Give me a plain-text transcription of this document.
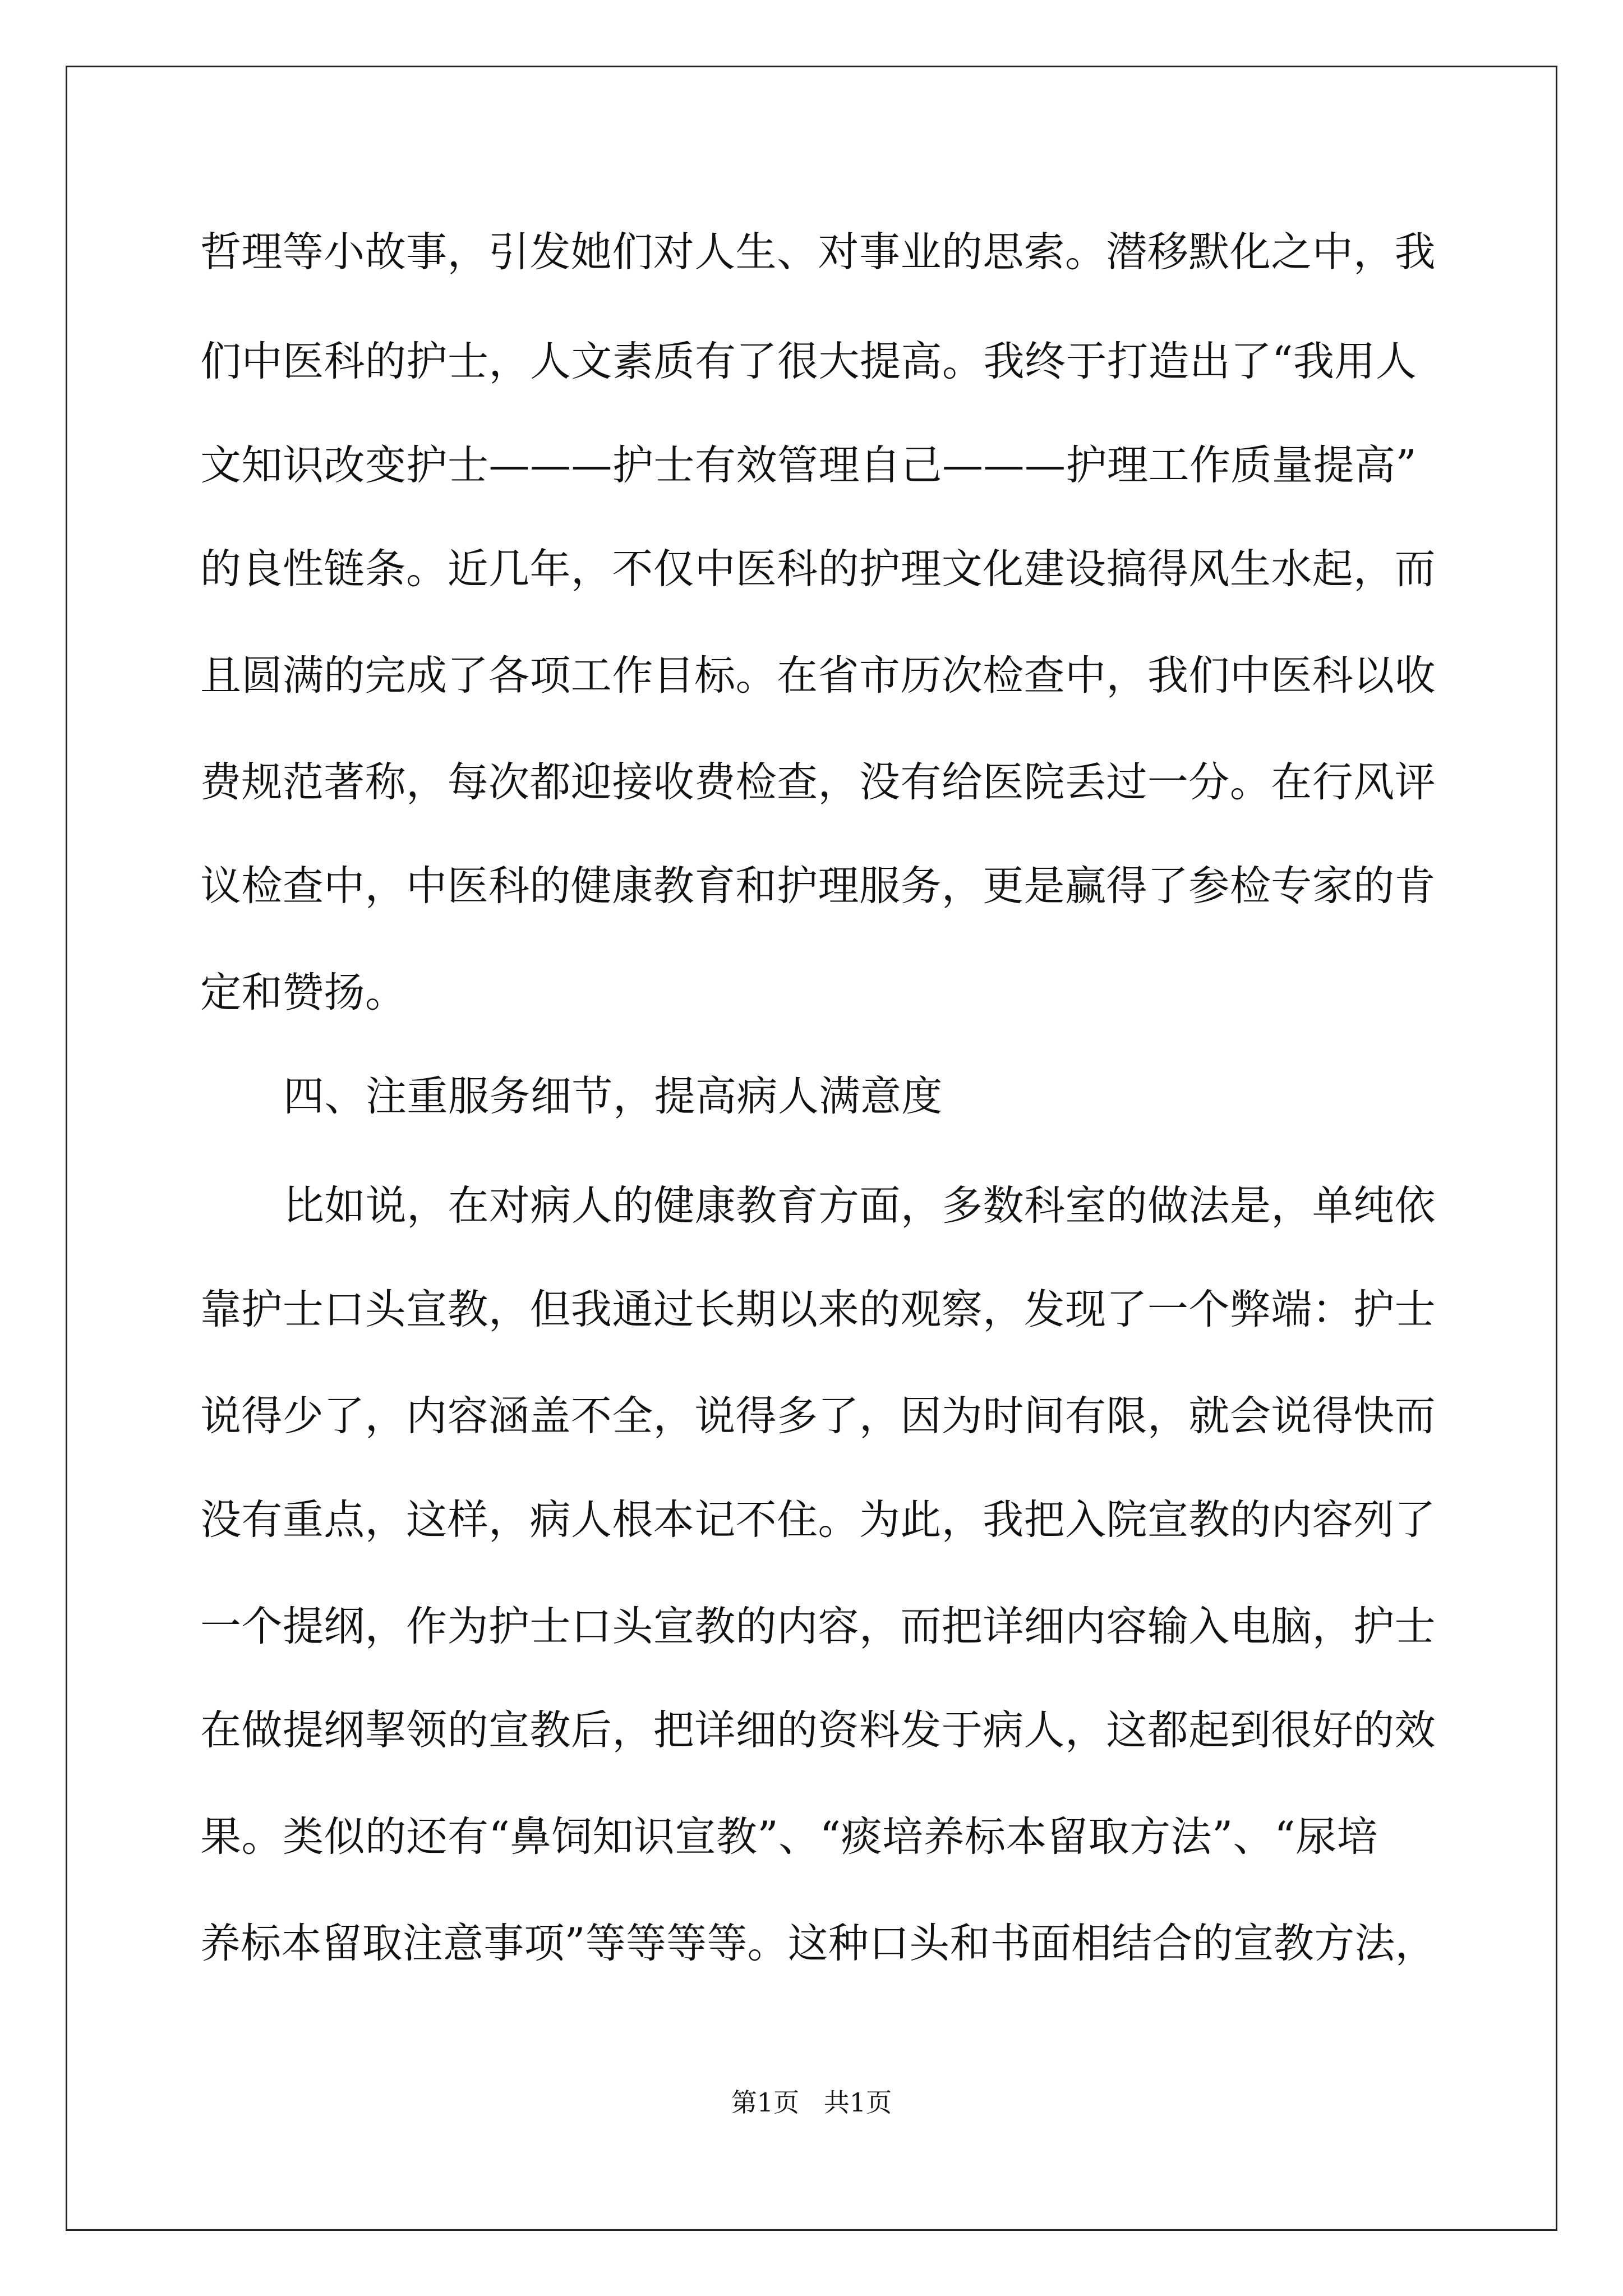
哲理等小故事，引发她们对人生、对事业的思索。潜移默化之中，我

们中医科的护士，人文素质有了很大提高。我终于打造出了“我用人

文知识改变护士———护士有效管理自己———护理工作质量提高”

的良性链条。近几年，不仅中医科的护理文化建设搞得风生水起，而

且圆满的完成了各项工作目标。在省市历次检查中，我们中医科以收

费规范著称，每次都迎接收费检查，没有给医院丢过一分。在行风评

议检查中，中医科的健康教育和护理服务，更是赢得了参检专家的肯

定和赞扬。

四、注重服务细节，提高病人满意度

比如说，在对病人的健康教育方面，多数科室的做法是，单纯依

靠护士口头宣教，但我通过长期以来的观察，发现了一个弊端：护士

说得少了，内容涵盖不全，说得多了，因为时间有限，就会说得快而

没有重点，这样，病人根本记不住。为此，我把入院宣教的内容列了

一个提纲，作为护士口头宣教的内容，而把详细内容输入电脑，护士

在做提纲挈领的宣教后，把详细的资料发于病人，这都起到很好的效

果。类似的还有“鼻饲知识宣教”、“痰培养标本留取方法”、“尿培

养标本留取注意事项”等等等等。这种口头和书面相结合的宣教方法，

第1页   共1页
